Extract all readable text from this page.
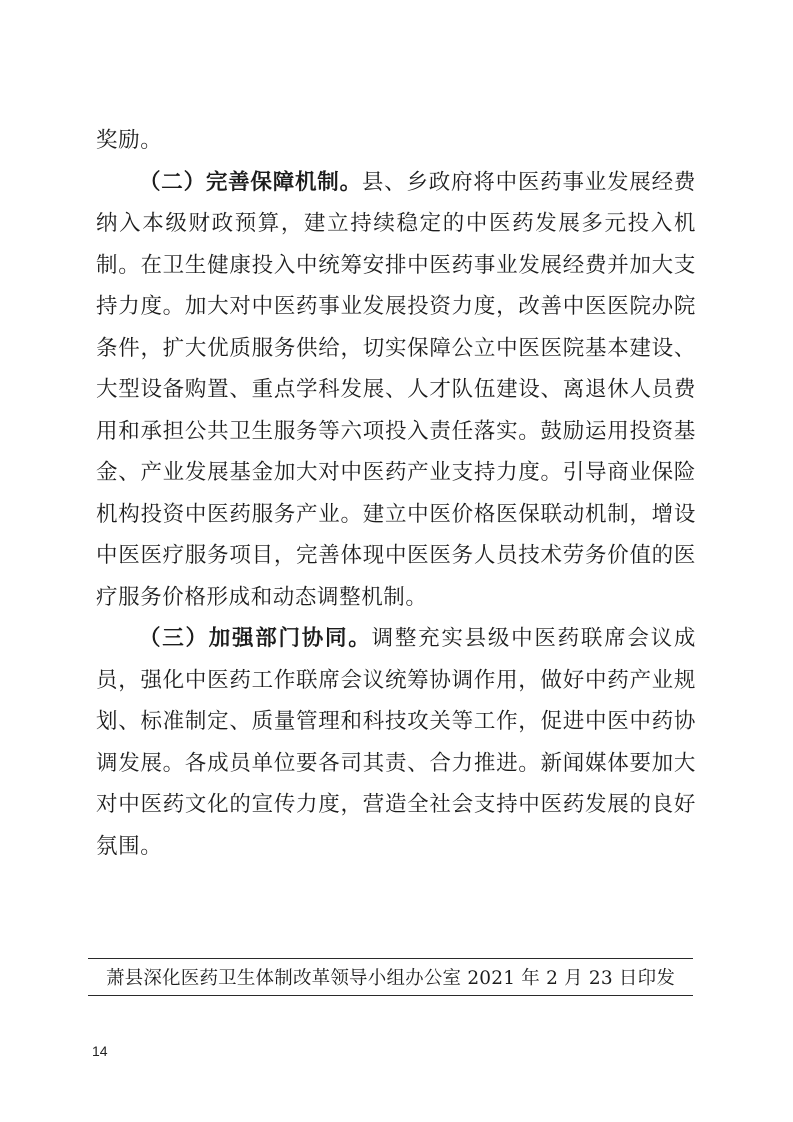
奖励。

（二）完善保障机制。县、乡政府将中医药事业发展经费纳入本级财政预算，建立持续稳定的中医药发展多元投入机制。在卫生健康投入中统筹安排中医药事业发展经费并加大支持力度。加大对中医药事业发展投资力度，改善中医医院办院条件，扩大优质服务供给，切实保障公立中医医院基本建设、大型设备购置、重点学科发展、人才队伍建设、离退休人员费用和承担公共卫生服务等六项投入责任落实。鼓励运用投资基金、产业发展基金加大对中医药产业支持力度。引导商业保险机构投资中医药服务产业。建立中医价格医保联动机制，增设中医医疗服务项目，完善体现中医医务人员技术劳务价值的医疗服务价格形成和动态调整机制。

（三）加强部门协同。调整充实县级中医药联席会议成员，强化中医药工作联席会议统筹协调作用，做好中药产业规划、标准制定、质量管理和科技攻关等工作，促进中医中药协调发展。各成员单位要各司其责、合力推进。新闻媒体要加大对中医药文化的宣传力度，营造全社会支持中医药发展的良好氛围。

萧县深化医药卫生体制改革领导小组办公室 2021 年 2 月 23 日印发
14
